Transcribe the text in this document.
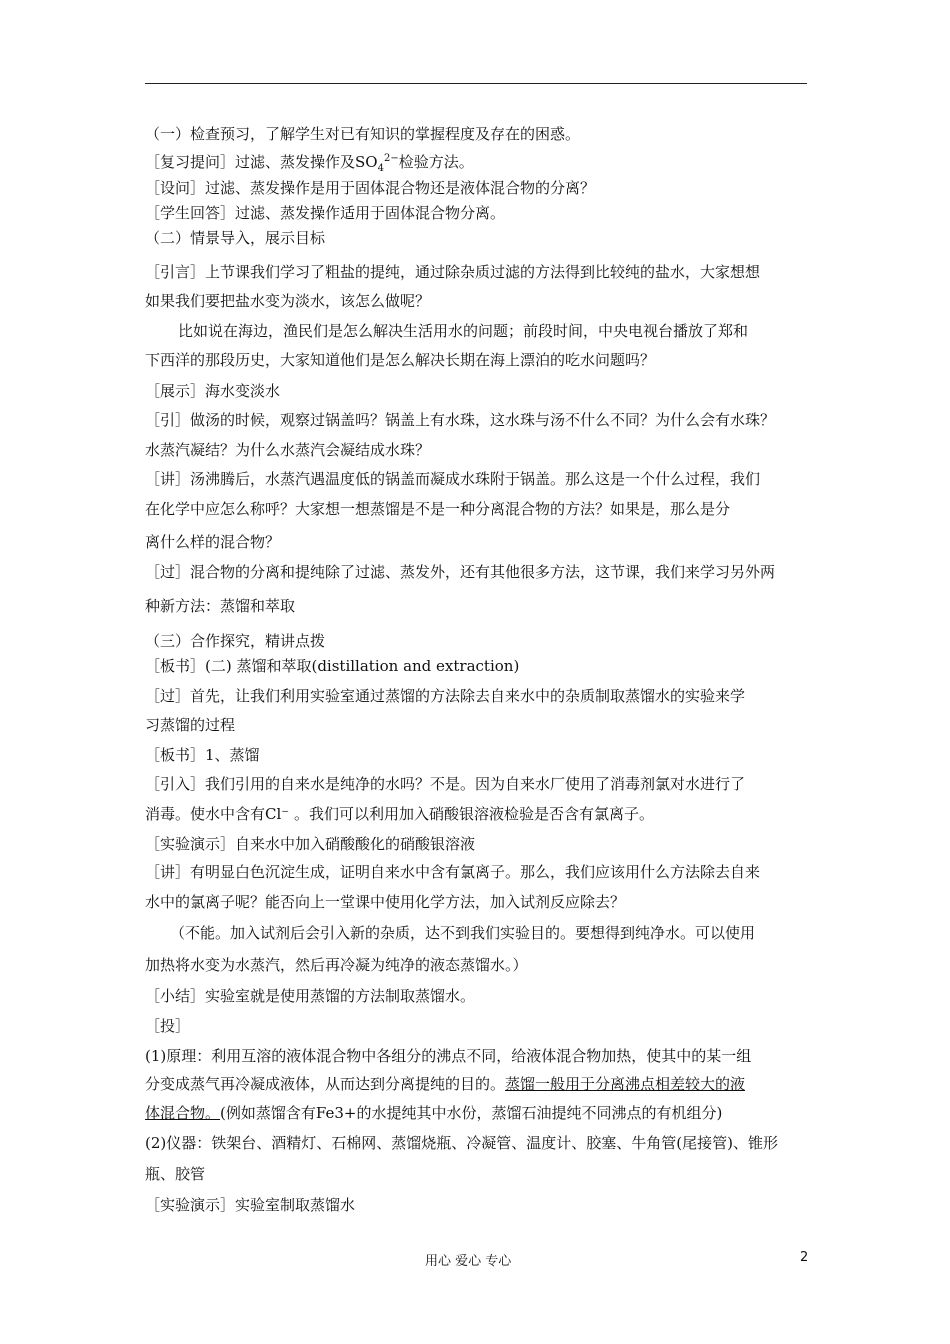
（一）检查预习，了解学生对已有知识的掌握程度及存在的困惑。
［复习提问］过滤、蒸发操作及$SO_4^{2-}$检验方法。
［设问］过滤、蒸发操作是用于固体混合物还是液体混合物的分离？
［学生回答］过滤、蒸发操作适用于固体混合物分离。
（二）情景导入，展示目标
［引言］上节课我们学习了粗盐的提纯，通过除杂质过滤的方法得到比较纯的盐水，大家想想
如果我们要把盐水变为淡水，该怎么做呢？
比如说在海边，渔民们是怎么解决生活用水的问题；前段时间，中央电视台播放了郑和
下西洋的那段历史，大家知道他们是怎么解决长期在海上漂泊的吃水问题吗？
［展示］海水变淡水
［引］做汤的时候，观察过锅盖吗？锅盖上有水珠，这水珠与汤不什么不同？为什么会有水珠？
水蒸汽凝结？为什么水蒸汽会凝结成水珠？
［讲］汤沸腾后，水蒸汽遇温度低的锅盖而凝成水珠附于锅盖。那么这是一个什么过程，我们
在化学中应怎么称呼？大家想一想蒸馏是不是一种分离混合物的方法？如果是，那么是分
离什么样的混合物？
［过］混合物的分离和提纯除了过滤、蒸发外，还有其他很多方法，这节课，我们来学习另外两
种新方法：蒸馏和萃取
（三）合作探究，精讲点拨
［板书］(二) 蒸馏和萃取(distillation and extraction)
［过］首先，让我们利用实验室通过蒸馏的方法除去自来水中的杂质制取蒸馏水的实验来学
习蒸馏的过程
［板书］1、蒸馏
［引入］我们引用的自来水是纯净的水吗？不是。因为自来水厂使用了消毒剂氯对水进行了
消毒。使水中含有Cl⁻ 。我们可以利用加入硝酸银溶液检验是否含有氯离子。
［实验演示］自来水中加入硝酸酸化的硝酸银溶液
［讲］有明显白色沉淀生成，证明自来水中含有氯离子。那么，我们应该用什么方法除去自来
水中的氯离子呢？能否向上一堂课中使用化学方法，加入试剂反应除去？
（不能。加入试剂后会引入新的杂质，达不到我们实验目的。要想得到纯净水。可以使用
加热将水变为水蒸汽，然后再冷凝为纯净的液态蒸馏水。）
［小结］实验室就是使用蒸馏的方法制取蒸馏水。
［投］
(1)原理：利用互溶的液体混合物中各组分的沸点不同，给液体混合物加热，使其中的某一组
分变成蒸气再冷凝成液体，从而达到分离提纯的目的。蒸馏一般用于分离沸点相差较大的液
体混合物。(例如蒸馏含有Fe3+的水提纯其中水份，蒸馏石油提纯不同沸点的有机组分)
(2)仪器：铁架台、酒精灯、石棉网、蒸馏烧瓶、冷凝管、温度计、胶塞、牛角管(尾接管)、锥形
瓶、胶管
［实验演示］实验室制取蒸馏水
用心 爱心 专心	2
